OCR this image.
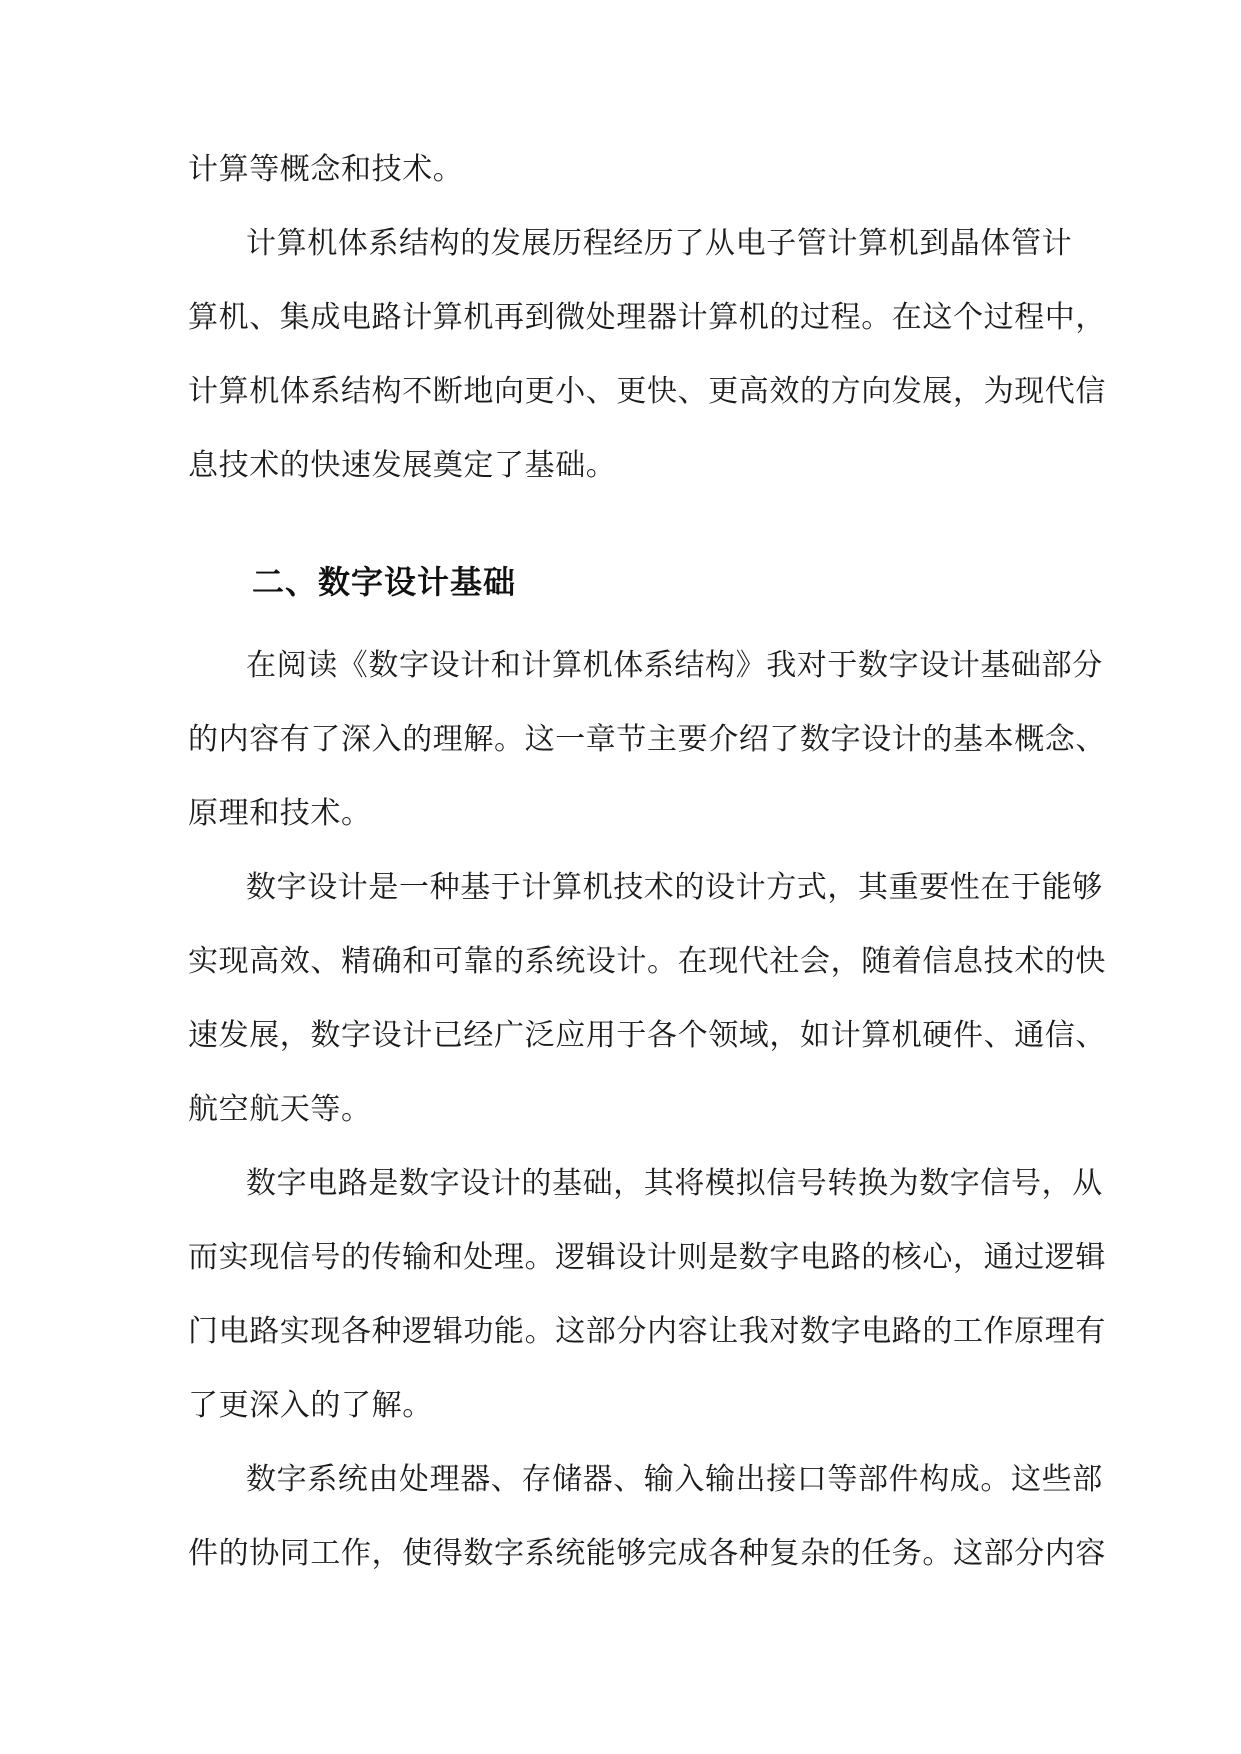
计算等概念和技术。
计算机体系结构的发展历程经历了从电子管计算机到晶体管计
算机、集成电路计算机再到微处理器计算机的过程。在这个过程中，
计算机体系结构不断地向更小、更快、更高效的方向发展，为现代信
息技术的快速发展奠定了基础。
二、数字设计基础
在阅读《数字设计和计算机体系结构》我对于数字设计基础部分
的内容有了深入的理解。这一章节主要介绍了数字设计的基本概念、
原理和技术。
数字设计是一种基于计算机技术的设计方式，其重要性在于能够
实现高效、精确和可靠的系统设计。在现代社会，随着信息技术的快
速发展，数字设计已经广泛应用于各个领域，如计算机硬件、通信、
航空航天等。
数字电路是数字设计的基础，其将模拟信号转换为数字信号，从
而实现信号的传输和处理。逻辑设计则是数字电路的核心，通过逻辑
门电路实现各种逻辑功能。这部分内容让我对数字电路的工作原理有
了更深入的了解。
数字系统由处理器、存储器、输入输出接口等部件构成。这些部
件的协同工作，使得数字系统能够完成各种复杂的任务。这部分内容
